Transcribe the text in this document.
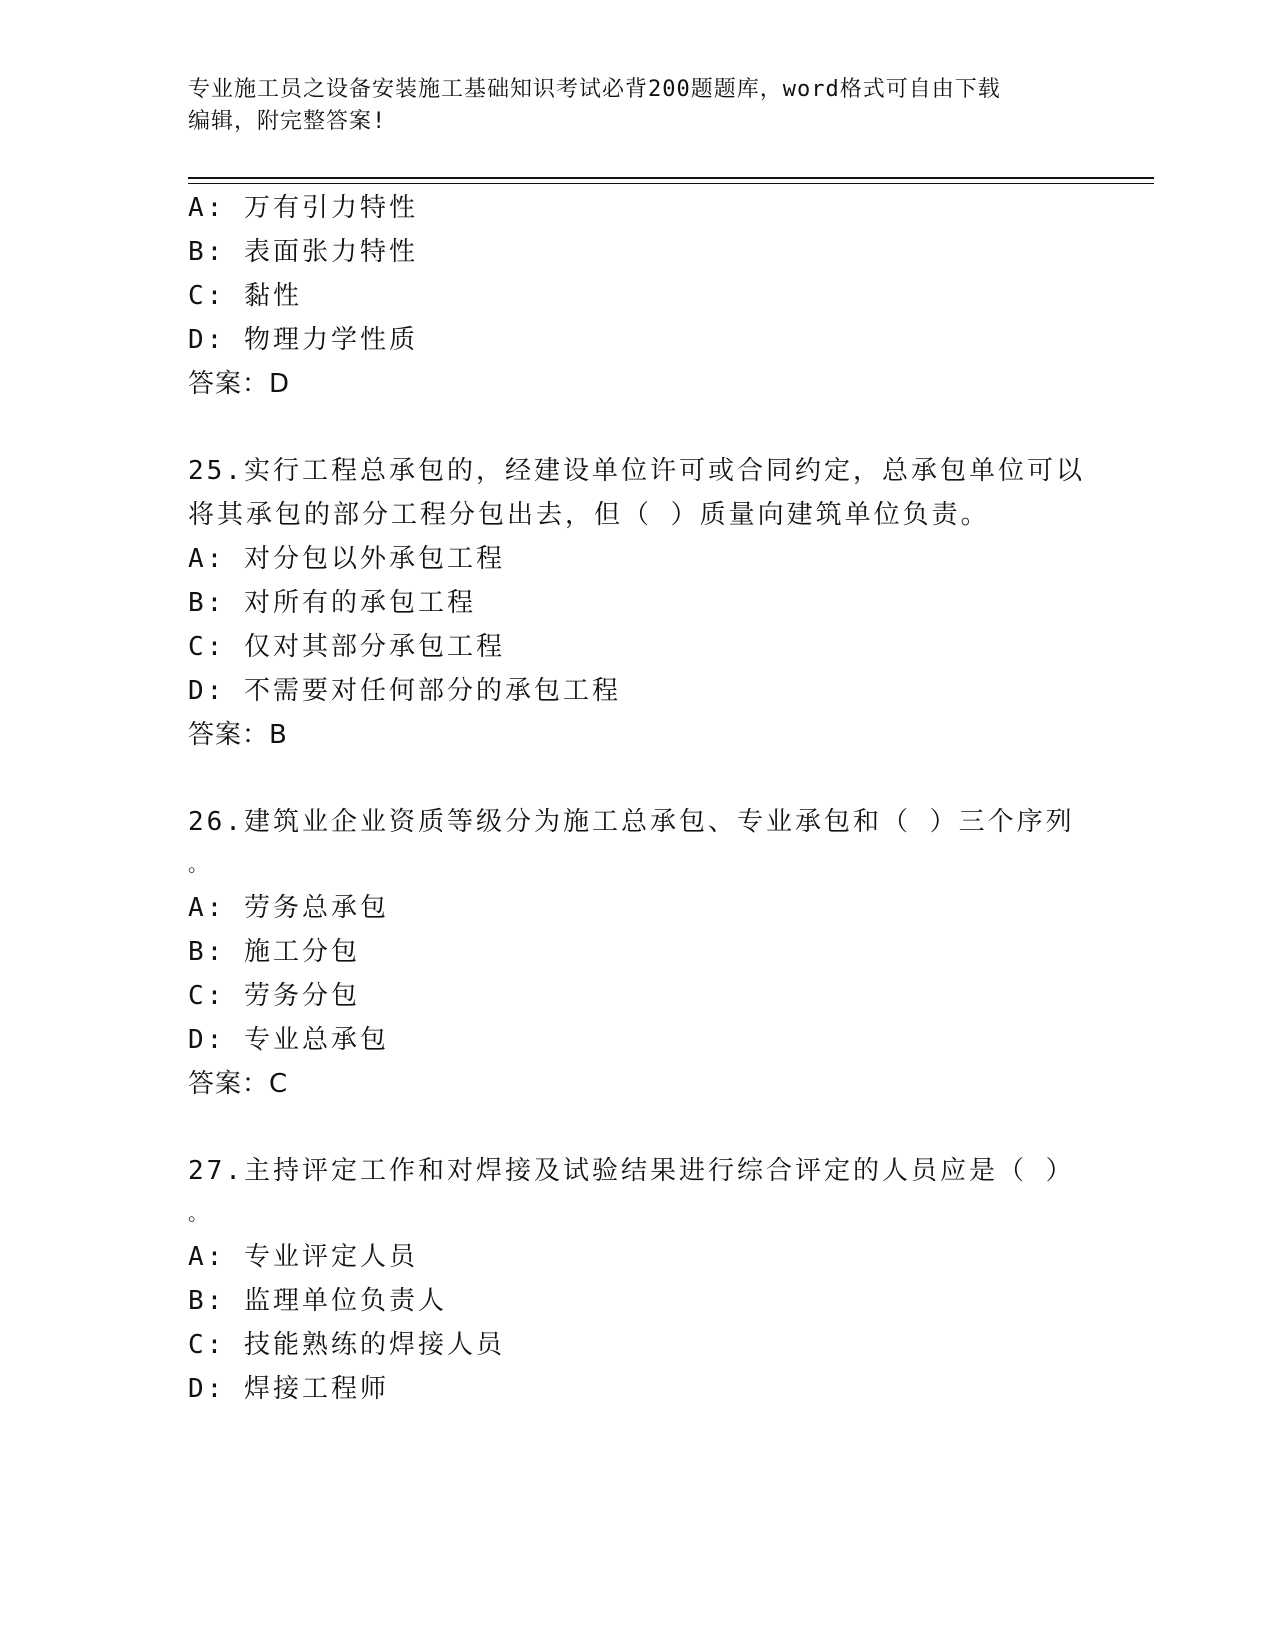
专业施工员之设备安装施工基础知识考试必背200题题库，word格式可自由下载
编辑，附完整答案!
A: 万有引力特性
B: 表面张力特性
C: 黏性
D: 物理力学性质
答案：D
25.实行工程总承包的，经建设单位许可或合同约定，总承包单位可以
将其承包的部分工程分包出去，但（ ）质量向建筑单位负责。
A: 对分包以外承包工程
B: 对所有的承包工程
C: 仅对其部分承包工程
D: 不需要对任何部分的承包工程
答案：B
26.建筑业企业资质等级分为施工总承包、专业承包和（ ）三个序列
。
A: 劳务总承包
B: 施工分包
C: 劳务分包
D: 专业总承包
答案：C
27.主持评定工作和对焊接及试验结果进行综合评定的人员应是（ ）
。
A: 专业评定人员
B: 监理单位负责人
C: 技能熟练的焊接人员
D: 焊接工程师
